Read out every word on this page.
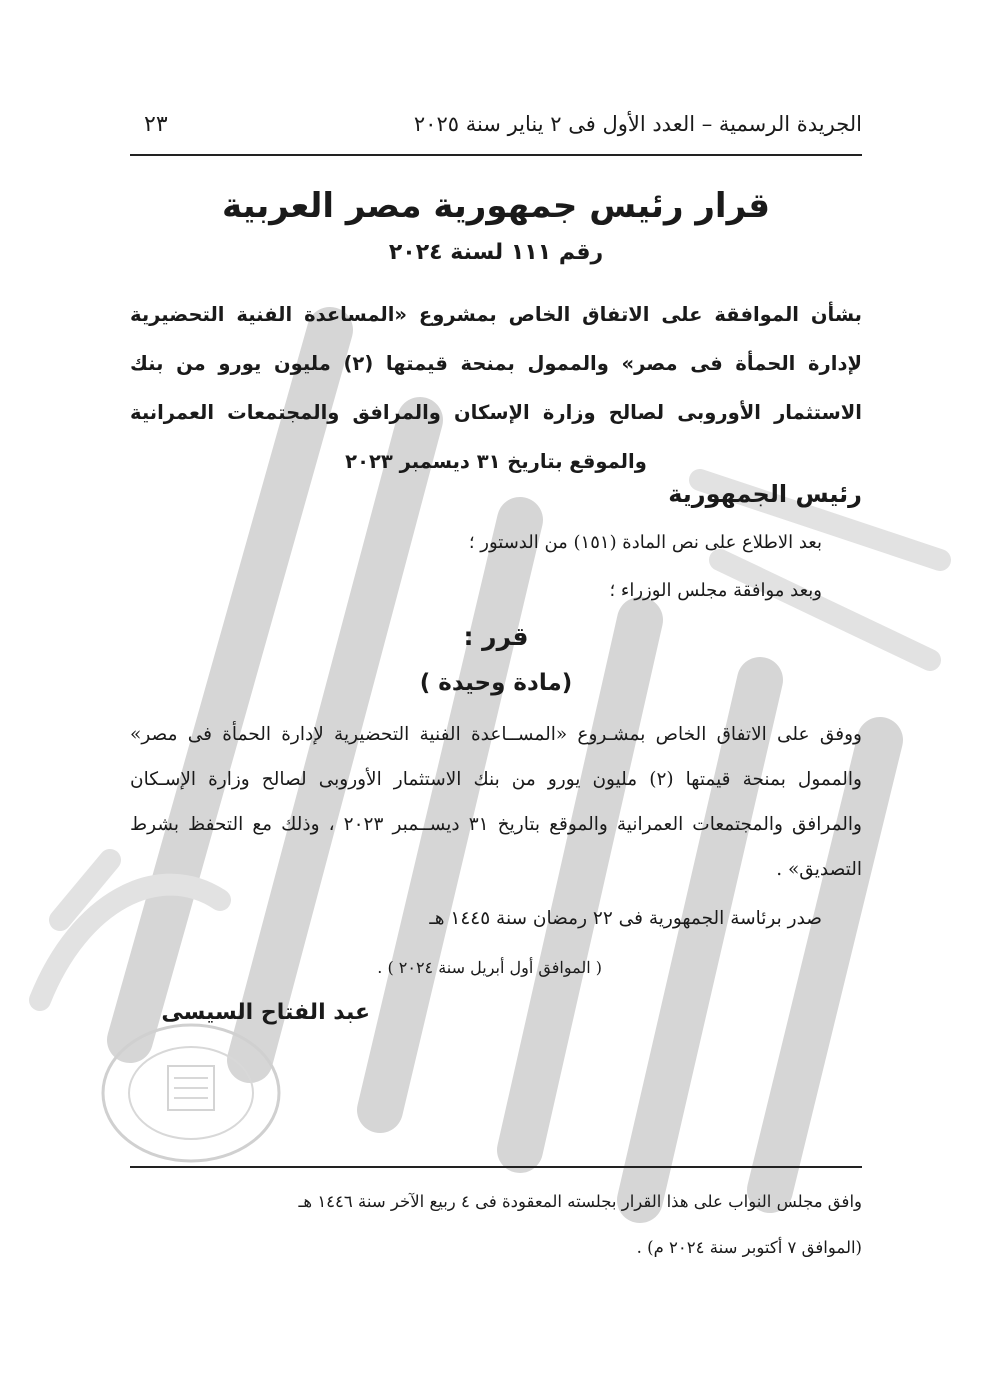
الجريدة الرسمية – العدد الأول فى ٢ يناير سنة ٢٠٢٥
٢٣
قرار رئيس جمهورية مصر العربية
رقم ١١١ لسنة ٢٠٢٤
بشأن الموافقة على الاتفاق الخاص بمشروع «المساعدة الفنية التحضيرية لإدارة الحمأة فى مصر» والممول بمنحة قيمتها (٢) مليون يورو من بنك الاستثمار الأوروبى لصالح وزارة الإسكان والمرافق والمجتمعات العمرانية والموقع بتاريخ ٣١ ديسمبر ٢٠٢٣
رئيس الجمهورية
بعد الاطلاع على نص المادة (١٥١) من الدستور ؛
وبعد موافقة مجلس الوزراء ؛
قرر :
(مادة وحيدة )
ووفق على الاتفاق الخاص بمشـروع «المســاعدة الفنية التحضيرية لإدارة الحمأة فى مصر» والممول بمنحة قيمتها (٢) مليون يورو من بنك الاستثمار الأوروبى لصالح وزارة الإسـكان والمرافق والمجتمعات العمرانية والموقع بتاريخ ٣١ ديســمبر ٢٠٢٣ ، وذلك مع التحفظ بشرط التصديق» .
صدر برئاسة الجمهورية فى ٢٢ رمضان سنة ١٤٤٥ هـ
( الموافق أول أبريل سنة ٢٠٢٤ ) .
عبد الفتاح السيسى
وافق مجلس النواب على هذا القرار بجلسته المعقودة فى ٤ ربيع الآخر سنة ١٤٤٦ هـ
(الموافق ٧ أكتوبر سنة ٢٠٢٤ م) .
